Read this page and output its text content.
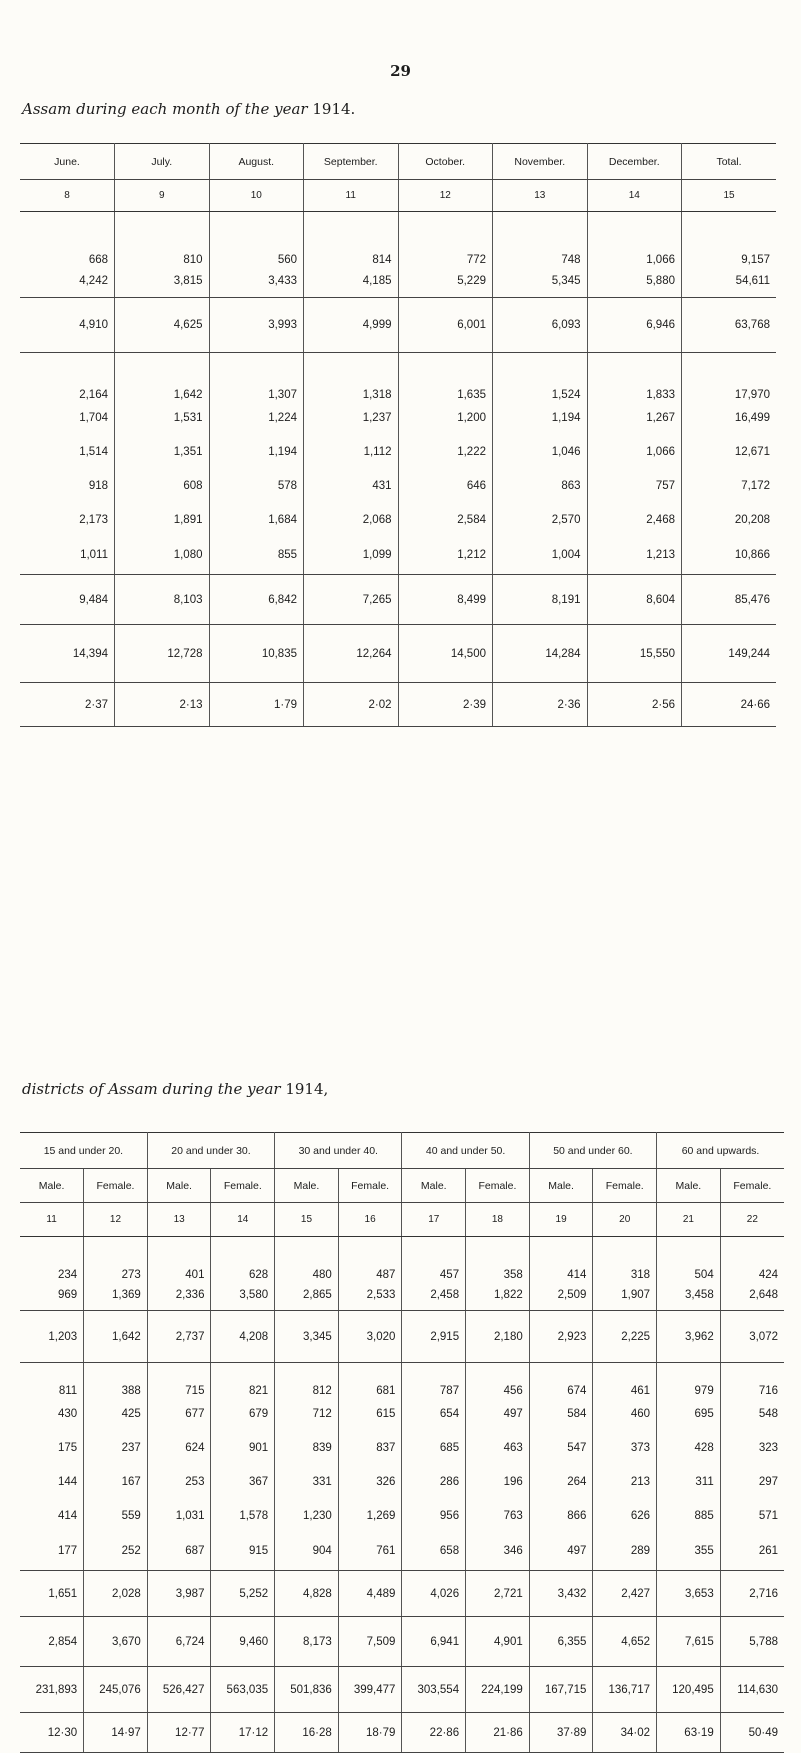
29
Assam during each month of the year 1914.
June.	July.	August.	September.	October.	November.	December.	Total.
8	9	10	11	12	13	14	15
668	810	560	814	772	748	1,066	9,157
4,242	3,815	3,433	4,185	5,229	5,345	5,880	54,611
4,910	4,625	3,993	4,999	6,001	6,093	6,946	63,768
2,164	1,642	1,307	1,318	1,635	1,524	1,833	17,970
1,704	1,531	1,224	1,237	1,200	1,194	1,267	16,499
1,514	1,351	1,194	1,112	1,222	1,046	1,066	12,671
918	608	578	431	646	863	757	7,172
2,173	1,891	1,684	2,068	2,584	2,570	2,468	20,208
1,011	1,080	855	1,099	1,212	1,004	1,213	10,866
9,484	8,103	6,842	7,265	8,499	8,191	8,604	85,476
14,394	12,728	10,835	12,264	14,500	14,284	15,550	149,244
2·37	2·13	1·79	2·02	2·39	2·36	2·56	24·66
districts of Assam during the year 1914,
15 and under 20.		20 and under 30.		30 and under 40.		40 and under 50.		50 and under 60.		60 and upwards.	
Male.	Female.	Male.	Female.	Male.	Female.	Male.	Female.	Male.	Female.	Male.	Female.
11	12	13	14	15	16	17	18	19	20	21	22
234	273	401	628	480	487	457	358	414	318	504	424
969	1,369	2,336	3,580	2,865	2,533	2,458	1,822	2,509	1,907	3,458	2,648
1,203	1,642	2,737	4,208	3,345	3,020	2,915	2,180	2,923	2,225	3,962	3,072
811	388	715	821	812	681	787	456	674	461	979	716
430	425	677	679	712	615	654	497	584	460	695	548
175	237	624	901	839	837	685	463	547	373	428	323
144	167	253	367	331	326	286	196	264	213	311	297
414	559	1,031	1,578	1,230	1,269	956	763	866	626	885	571
177	252	687	915	904	761	658	346	497	289	355	261
1,651	2,028	3,987	5,252	4,828	4,489	4,026	2,721	3,432	2,427	3,653	2,716
2,854	3,670	6,724	9,460	8,173	7,509	6,941	4,901	6,355	4,652	7,615	5,788
231,893	245,076	526,427	563,035	501,836	399,477	303,554	224,199	167,715	136,717	120,495	114,630
12·30	14·97	12·77	17·12	16·28	18·79	22·86	21·86	37·89	34·02	63·19	50·49
